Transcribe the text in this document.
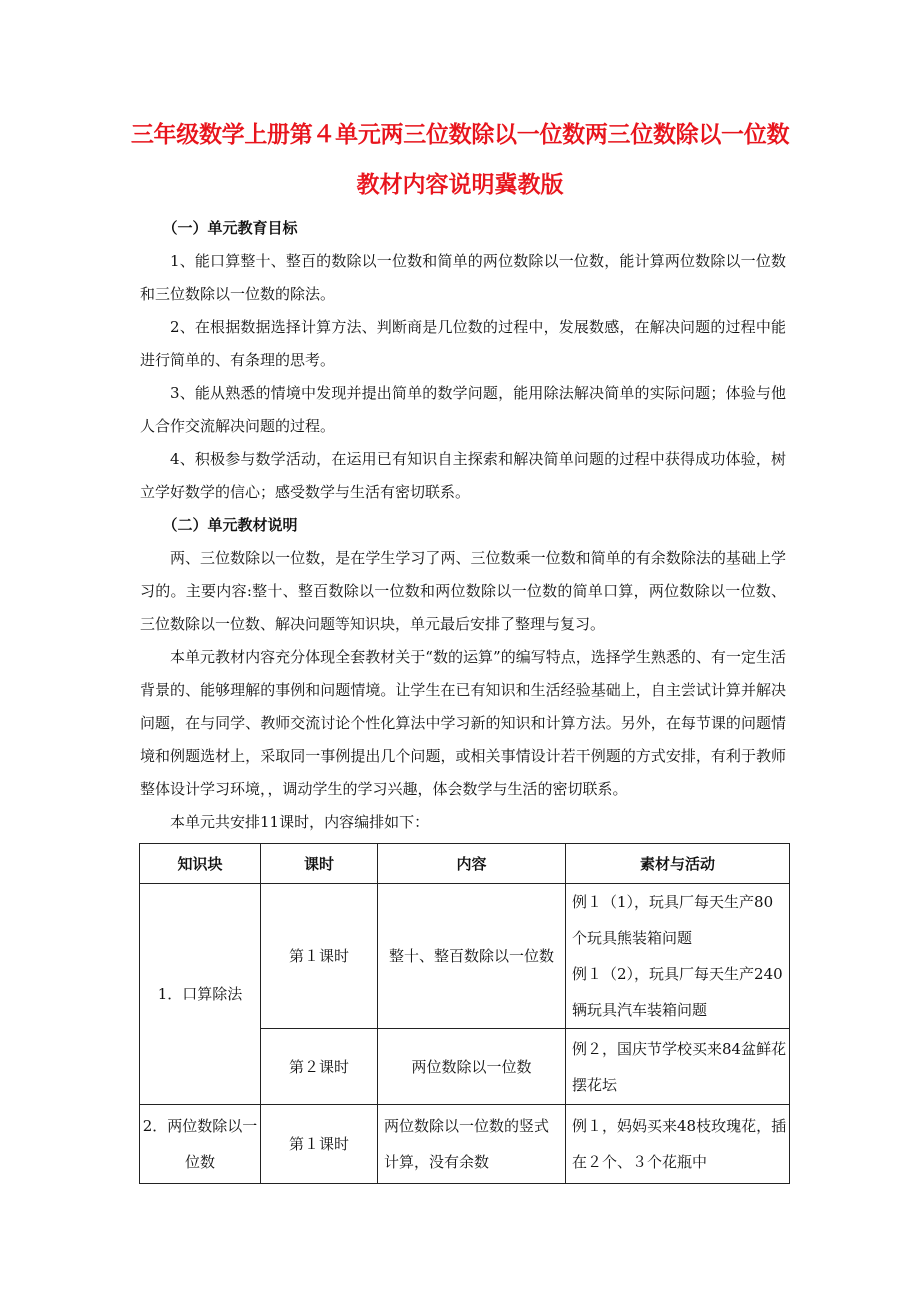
三年级数学上册第４单元两三位数除以一位数两三位数除以一位数
教材内容说明冀教版
（一）单元教育目标

1、能口算整十、整百的数除以一位数和简单的两位数除以一位数，能计算两位数除以一位数和三位数除以一位数的除法。

2、在根据数据选择计算方法、判断商是几位数的过程中，发展数感，在解决问题的过程中能进行简单的、有条理的思考。

3、能从熟悉的情境中发现并提出简单的数学问题，能用除法解决简单的实际问题；体验与他人合作交流解决问题的过程。

4、积极参与数学活动，在运用已有知识自主探索和解决简单问题的过程中获得成功体验，树立学好数学的信心；感受数学与生活有密切联系。

（二）单元教材说明

两、三位数除以一位数，是在学生学习了两、三位数乘一位数和简单的有余数除法的基础上学习的。主要内容:整十、整百数除以一位数和两位数除以一位数的简单口算，两位数除以一位数、三位数除以一位数、解决问题等知识块，单元最后安排了整理与复习。

本单元教材内容充分体现全套教材关于“数的运算”的编写特点，选择学生熟悉的、有一定生活背景的、能够理解的事例和问题情境。让学生在已有知识和生活经验基础上，自主尝试计算并解决问题，在与同学、教师交流讨论个性化算法中学习新的知识和计算方法。另外，在每节课的问题情境和例题选材上，采取同一事例提出几个问题，或相关事情设计若干例题的方式安排，有利于教师整体设计学习环境，，调动学生的学习兴趣，体会数学与生活的密切联系。

本单元共安排11课时，内容编排如下：

知识块	课时	内容	素材与活动
1．口算除法	第１课时	整十、整百数除以一位数	例１（1），玩具厂每天生产80个玩具熊装箱问题
例１（2），玩具厂每天生产240辆玩具汽车装箱问题

	第２课时	两位数除以一位数	例２，国庆节学校买来84盆鲜花摆花坛

2．两位数除以一位数	第１课时	两位数除以一位数的竖式计算，没有余数	例１，妈妈买来48枝玫瑰花，插在２个、３个花瓶中
